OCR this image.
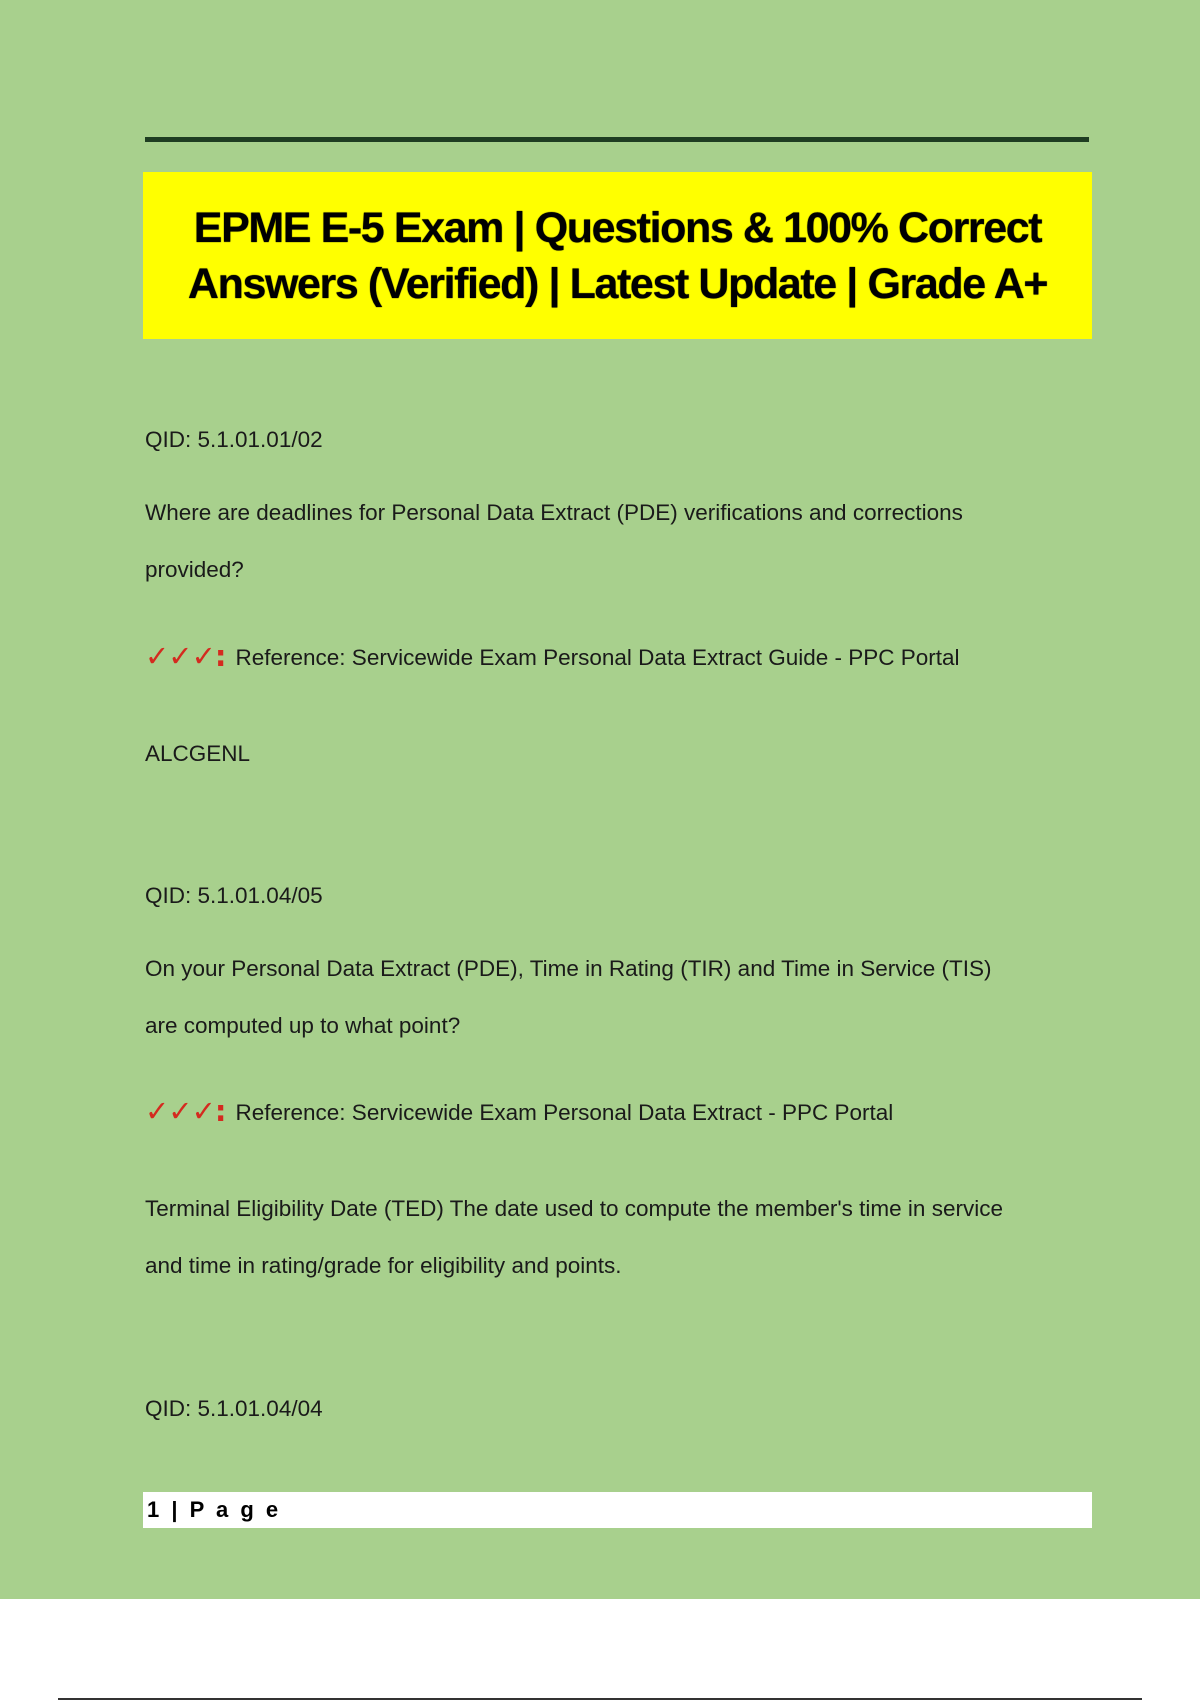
EPME E-5 Exam | Questions & 100% Correct Answers (Verified) | Latest Update | Grade A+

QID: 5.1.01.01/02
Where are deadlines for Personal Data Extract (PDE) verifications and corrections
provided?
✓✓✓: Reference: Servicewide Exam Personal Data Extract Guide - PPC Portal
ALCGENL
QID: 5.1.01.04/05
On your Personal Data Extract (PDE), Time in Rating (TIR) and Time in Service (TIS)
are computed up to what point?
✓✓✓: Reference: Servicewide Exam Personal Data Extract - PPC Portal
Terminal Eligibility Date (TED) The date used to compute the member's time in service
and time in rating/grade for eligibility and points.
QID: 5.1.01.04/04
1 | P a g e
